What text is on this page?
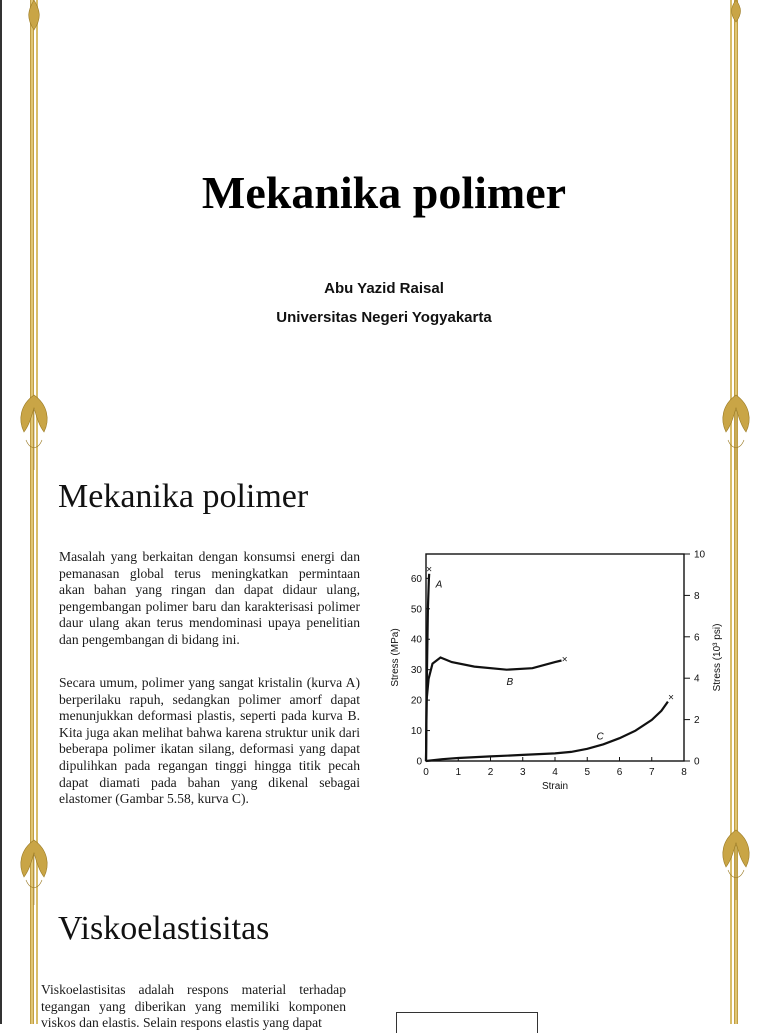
Mekanika polimer
Abu Yazid Raisal
Universitas Negeri Yogyakarta
Mekanika polimer
Masalah yang berkaitan dengan konsumsi energi dan pemanasan global terus meningkatkan permintaan akan bahan yang ringan dan dapat didaur ulang, pengembangan polimer baru dan karakterisasi polimer daur ulang akan terus mendominasi upaya penelitian dan pengembangan di bidang ini.
Secara umum, polimer yang sangat kristalin (kurva A) berperilaku rapuh, sedangkan polimer amorf dapat menunjukkan deformasi plastis, seperti pada kurva B. Kita juga akan melihat bahwa karena struktur unik dari beberapa polimer ikatan silang, deformasi yang dapat dipulihkan pada regangan tinggi hingga titik pecah dapat diamati pada bahan yang dikenal sebagai elastomer (Gambar 5.58, kurva C).
0	1	2	3	4	5	6	7	8
0
10
20
30
40
50
60
0
2
4
6
8
10
Strain
Stress (MPa)	Stress (10³ psi)
×
A
×
B
×
C
Viskoelastisitas
Viskoelastisitas adalah respons material terhadap tegangan yang diberikan yang memiliki komponen viskos dan elastis. Selain respons elastis yang dapat
